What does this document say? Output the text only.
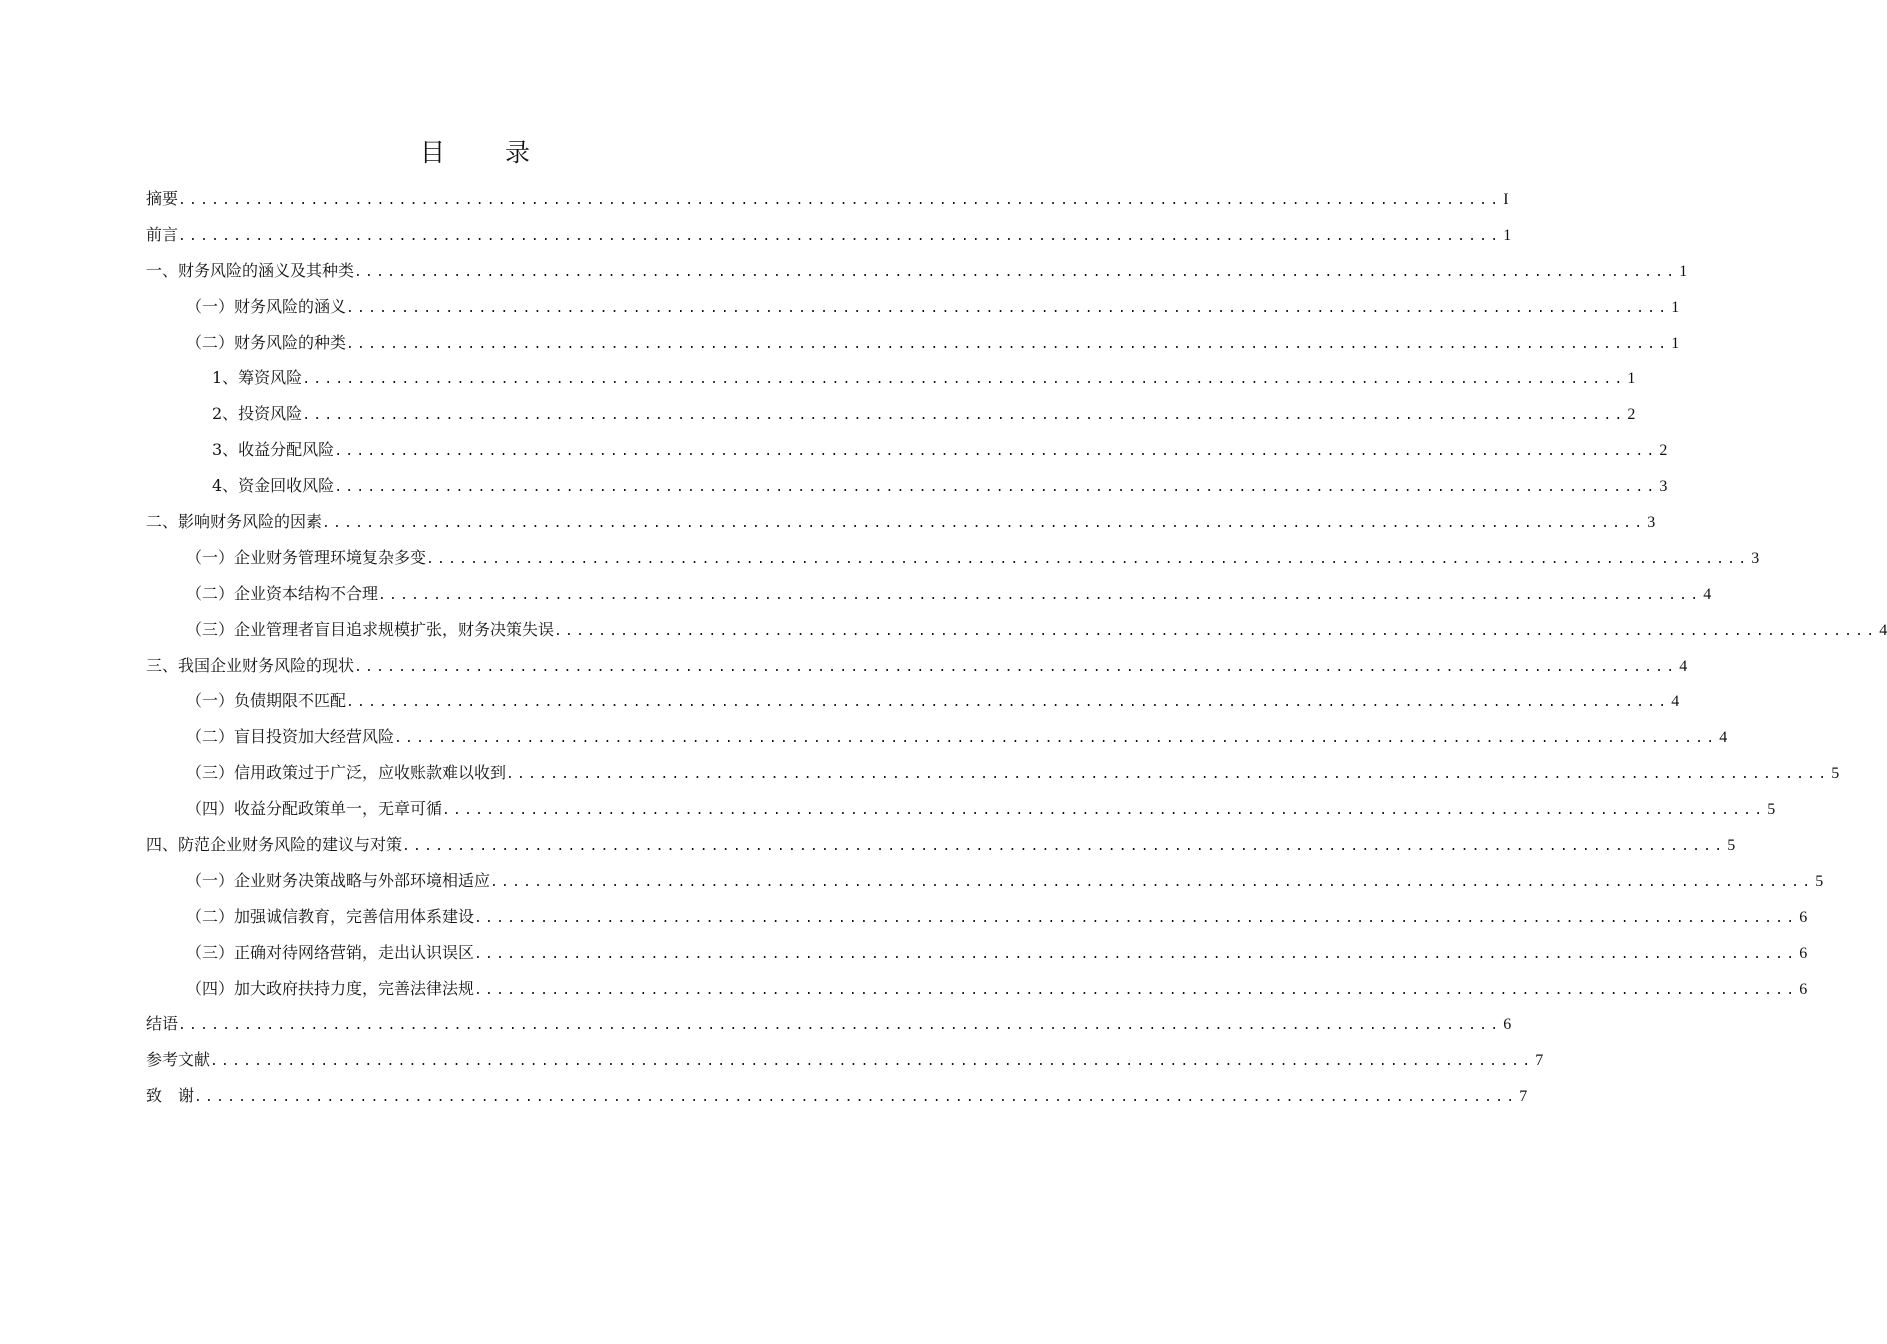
目 录
摘要 ........................................................................................................................ I
前言 ........................................................................................................................ 1
一、财务风险的涵义及其种类 ........................................................................................................................ 1
（一）财务风险的涵义 ........................................................................................................................ 1
（二）财务风险的种类 ........................................................................................................................ 1
1、筹资风险 ........................................................................................................................ 1
2、投资风险 ........................................................................................................................ 2
3、收益分配风险 ........................................................................................................................ 2
4、资金回收风险 ........................................................................................................................ 3
二、影响财务风险的因素 ........................................................................................................................ 3
（一）企业财务管理环境复杂多变 ........................................................................................................................ 3
（二）企业资本结构不合理 ........................................................................................................................ 4
（三）企业管理者盲目追求规模扩张，财务决策失误 ........................................................................................................................ 4
三、我国企业财务风险的现状 ........................................................................................................................ 4
（一）负债期限不匹配 ........................................................................................................................ 4
（二）盲目投资加大经营风险 ........................................................................................................................ 4
（三）信用政策过于广泛，应收账款难以收到 ........................................................................................................................ 5
（四）收益分配政策单一，无章可循 ........................................................................................................................ 5
四、防范企业财务风险的建议与对策 ........................................................................................................................ 5
（一）企业财务决策战略与外部环境相适应 ........................................................................................................................ 5
（二）加强诚信教育，完善信用体系建设 ........................................................................................................................ 6
（三）正确对待网络营销，走出认识误区 ........................................................................................................................ 6
（四）加大政府扶持力度，完善法律法规 ........................................................................................................................ 6
结语 ........................................................................................................................ 6
参考文献 ........................................................................................................................ 7
致　谢 ........................................................................................................................ 7
